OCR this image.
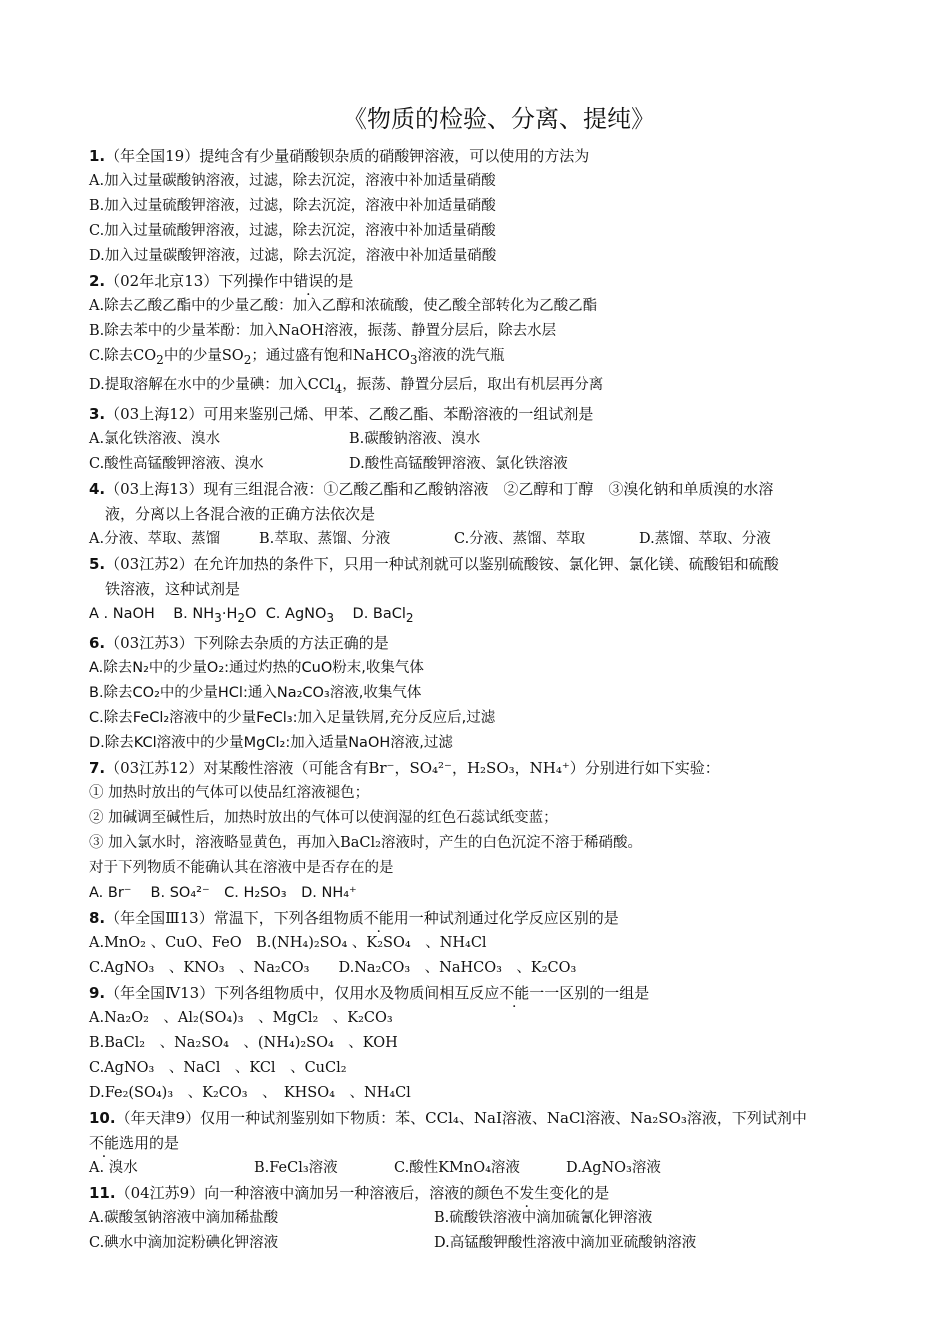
《物质的检验、分离、提纯》
1.（年全国19）提纯含有少量硝酸钡杂质的硝酸钾溶液，可以使用的方法为
A.加入过量碳酸钠溶液，过滤，除去沉淀，溶液中补加适量硝酸
B.加入过量硫酸钾溶液，过滤，除去沉淀，溶液中补加适量硝酸
C.加入过量硫酸钾溶液，过滤，除去沉淀，溶液中补加适量硝酸
D.加入过量碳酸钾溶液，过滤，除去沉淀，溶液中补加适量硝酸
2.（02年北京13）下列操作中错误的是
A.除去乙酸乙酯中的少量乙酸：加入乙醇和浓硫酸，使乙酸全部转化为乙酸乙酯
B.除去苯中的少量苯酚：加入NaOH溶液，振荡、静置分层后，除去水层
C.除去$CO_2$中的少量$SO_2$；通过盛有饱和NaHCO$_3$溶液的洗气瓶
D.提取溶解在水中的少量碘：加入CCl$_4$，振荡、静置分层后，取出有机层再分离
3.（03上海12）可用来鉴别己烯、甲苯、乙酸乙酯、苯酚溶液的一组试剂是
A.氯化铁溶液、溴水	B.碳酸钠溶液、溴水
C.酸性高锰酸钾溶液、溴水	D.酸性高锰酸钾溶液、氯化铁溶液
4.（03上海13）现有三组混合液：①乙酸乙酯和乙酸钠溶液　②乙醇和丁醇　③溴化钠和单质溴的水溶
液，分离以上各混合液的正确方法依次是
A.分液、萃取、蒸馏	B.萃取、蒸馏、分液	C.分液、蒸馏、萃取	D.蒸馏、萃取、分液
5.（03江苏2）在允许加热的条件下，只用一种试剂就可以鉴别硫酸铵、氯化钾、氯化镁、硫酸铝和硫酸
铁溶液，这种试剂是
A . NaOH B. $NH_3\cdot H_2O$ C. AgNO$_3$ D. BaCl$_2$
6.（03江苏3）下列除去杂质的方法正确的是
A.除去N₂中的少量O₂:通过灼热的CuO粉末,收集气体
B.除去CO₂中的少量HCl:通入Na₂CO₃溶液,收集气体
C.除去FeCl₂溶液中的少量FeCl₃:加入足量铁屑,充分反应后,过滤
D.除去KCl溶液中的少量MgCl₂:加入适量NaOH溶液,过滤
7.（03江苏12）对某酸性溶液（可能含有Br⁻，SO₄²⁻，H₂SO₃，NH₄⁺）分别进行如下实验：
① 加热时放出的气体可以使品红溶液褪色；
② 加碱调至碱性后，加热时放出的气体可以使润湿的红色石蕊试纸变蓝；
③ 加入氯水时，溶液略显黄色，再加入BaCl₂溶液时，产生的白色沉淀不溶于稀硝酸。
对于下列物质不能确认其在溶液中是否存在的是
A. Br⁻　 B. SO₄²⁻　C. H₂SO₃　D. NH₄⁺
8.（年全国Ⅲ13）常温下，下列各组物质不能用一种试剂通过化学反应区别的是
A.MnO₂ 、CuO、FeO　B.(NH₄)₂SO₄ 、K₂SO₄　、NH₄Cl
C.AgNO₃　、KNO₃　、Na₂CO₃　　D.Na₂CO₃　、NaHCO₃　、K₂CO₃
9.（年全国Ⅳ13）下列各组物质中，仅用水及物质间相互反应不能一一区别的一组是
A.Na₂O₂　、Al₂(SO₄)₃　、MgCl₂　、K₂CO₃
B.BaCl₂　、Na₂SO₄　、(NH₄)₂SO₄　、KOH
C.AgNO₃　、NaCl　、KCl　、CuCl₂
D.Fe₂(SO₄)₃　、K₂CO₃　、　KHSO₄　、NH₄Cl
10.（年天津9）仅用一种试剂鉴别如下物质：苯、CCl₄、NaI溶液、NaCl溶液、Na₂SO₃溶液，下列试剂中
不能选用的是
A. 溴水	B.FeCl₃溶液	C.酸性KMnO₄溶液	D.AgNO₃溶液
11.（04江苏9）向一种溶液中滴加另一种溶液后，溶液的颜色不发生变化的是
A.碳酸氢钠溶液中滴加稀盐酸	B.硫酸铁溶液中滴加硫氰化钾溶液
C.碘水中滴加淀粉碘化钾溶液	D.高锰酸钾酸性溶液中滴加亚硫酸钠溶液
